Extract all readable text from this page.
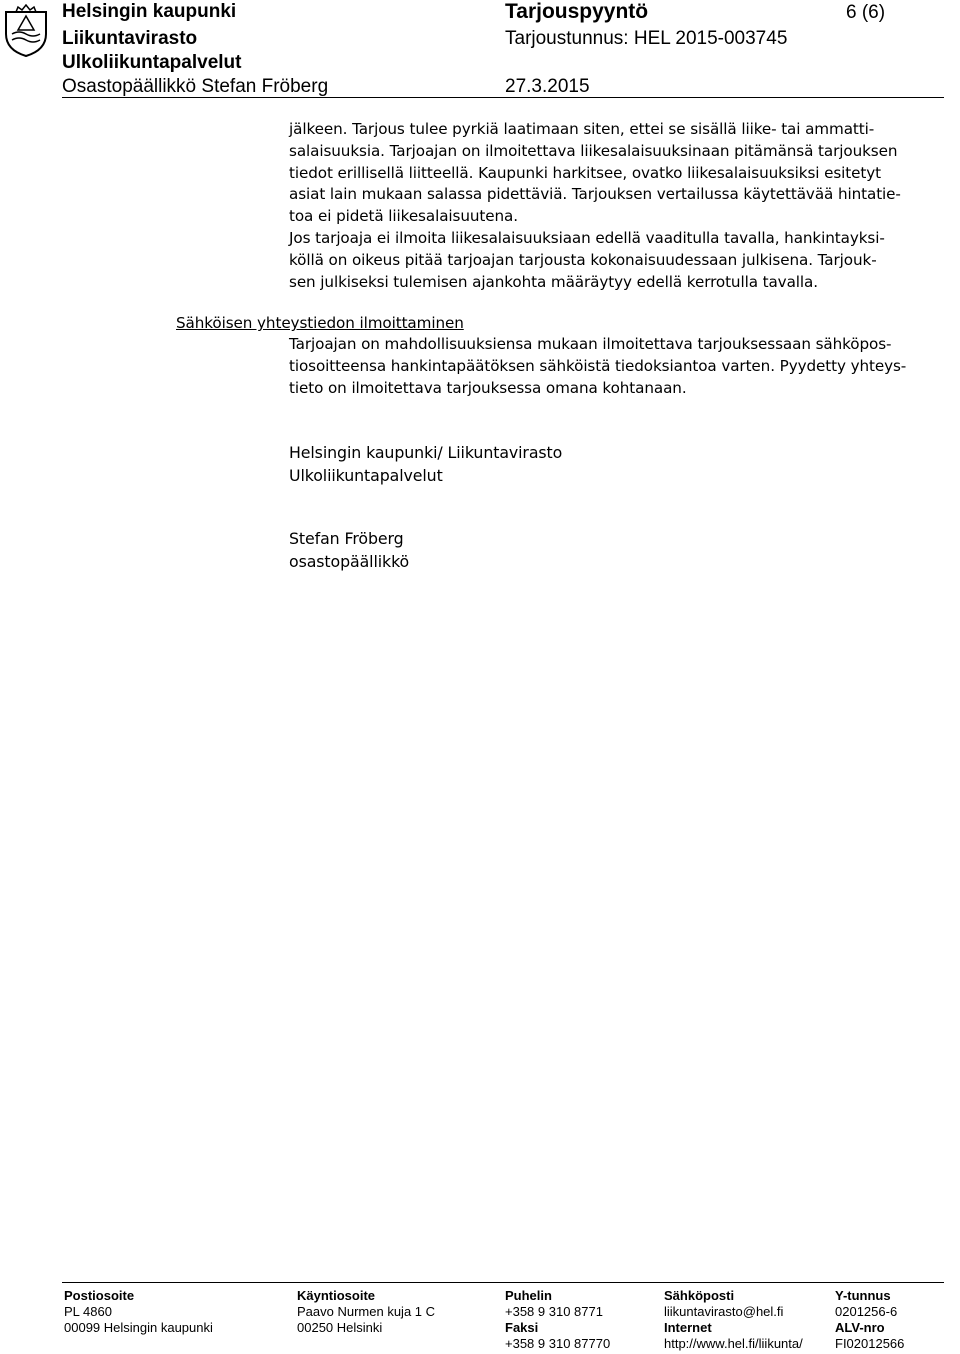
Helsingin kaupunki
Liikuntavirasto
Ulkoliikuntapalvelut
Osastopäällikkö Stefan Fröberg
Tarjouspyyntö
Tarjoustunnus: HEL 2015-003745
27.3.2015
6 (6)
jälkeen. Tarjous tulee pyrkiä laatimaan siten, ettei se sisällä liike- tai ammatti-
salaisuuksia. Tarjoajan on ilmoitettava liikesalaisuuksinaan pitämänsä tarjouksen
tiedot erillisellä liitteellä. Kaupunki harkitsee, ovatko liikesalaisuuksiksi esitetyt
asiat lain mukaan salassa pidettäviä. Tarjouksen vertailussa käytettävää hintatie-
toa ei pidetä liikesalaisuutena.
Jos tarjoaja ei ilmoita liikesalaisuuksiaan edellä vaaditulla tavalla, hankintayksi-
köllä on oikeus pitää tarjoajan tarjousta kokonaisuudessaan julkisena. Tarjouk-
sen julkiseksi tulemisen ajankohta määräytyy edellä kerrotulla tavalla.
Sähköisen yhteystiedon ilmoittaminen
Tarjoajan on mahdollisuuksiensa mukaan ilmoitettava tarjouksessaan sähköpos-
tiosoitteensa hankintapäätöksen sähköistä tiedoksiantoa varten. Pyydetty yhteys-
tieto on ilmoitettava tarjouksessa omana kohtanaan.
Helsingin kaupunki/ Liikuntavirasto
Ulkoliikuntapalvelut
Stefan Fröberg
osastopäällikkö
Postiosoite
PL 4860
00099 Helsingin kaupunki
Käyntiosoite
Paavo Nurmen kuja 1 C
00250 Helsinki
Puhelin
+358 9 310 8771
Faksi
+358 9 310 87770
Sähköposti
liikuntavirasto@hel.fi
Internet
http://www.hel.fi/liikunta/
Y-tunnus
0201256-6
ALV-nro
FI02012566
